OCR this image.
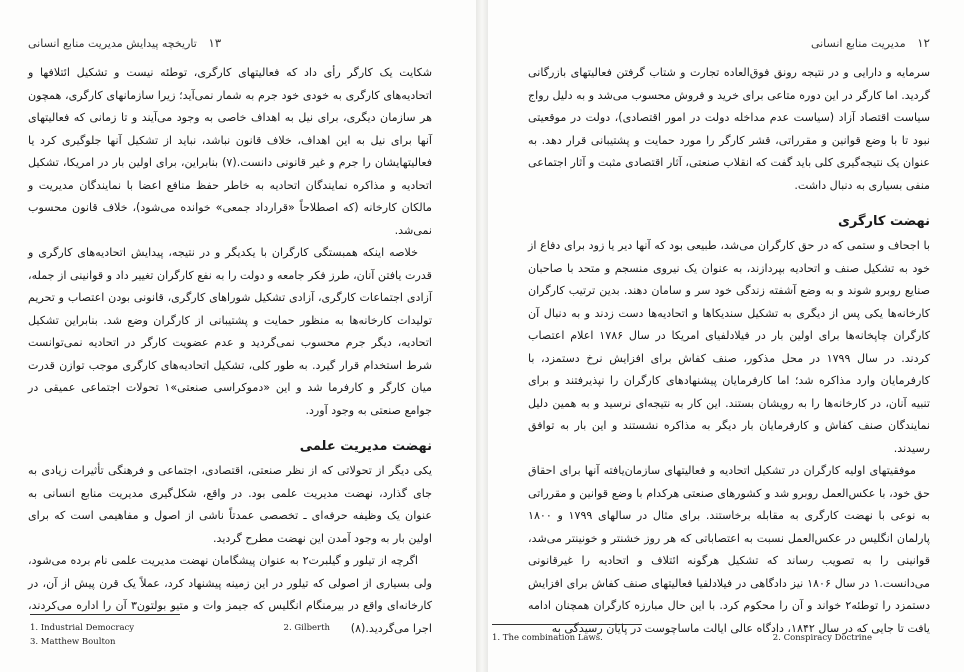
۱۳ تاریخچه پیدایش مدیریت منابع انسانی

شکایت یک کارگر رأی داد که فعالیتهای کارگری، توطئه نیست و تشکیل ائتلافها و اتحادیه‌های کارگری به خودی خود جرم به شمار نمی‌آید؛ زیرا سازمانهای کارگری، همچون هر سازمان دیگری، برای نیل به اهداف خاصی به وجود می‌آیند و تا زمانی که فعالیتهای آنها برای نیل به این اهداف، خلاف قانون نباشد، نباید از تشکیل آنها جلوگیری کرد یا فعالیتهایشان را جرم و غیر قانونی دانست.(۷) بنابراین، برای اولین بار در امریکا، تشکیل اتحادیه و مذاکره نمایندگان اتحادیه به خاطر حفظ منافع اعضا با نمایندگان مدیریت و مالکان کارخانه (که اصطلاحاً «قرارداد جمعی» خوانده می‌شود)، خلاف قانون محسوب نمی‌شد.

خلاصه اینکه همبستگی کارگران با یکدیگر و در نتیجه، پیدایش اتحادیه‌های کارگری و قدرت یافتن آنان، طرز فکر جامعه و دولت را به نفع کارگران تغییر داد و قوانینی از جمله، آزادی اجتماعات کارگری، آزادی تشکیل شوراهای کارگری، قانونی بودن اعتصاب و تحریم تولیدات کارخانه‌ها به منظور حمایت و پشتیبانی از کارگران وضع شد. بنابراین تشکیل اتحادیه، دیگر جرم محسوب نمی‌گردید و عدم عضویت کارگر در اتحادیه نمی‌توانست شرط استخدام قرار گیرد. به طور کلی، تشکیل اتحادیه‌های کارگری موجب توازن قدرت میان کارگر و کارفرما شد و این «دموکراسی صنعتی»۱ تحولات اجتماعی عمیقی در جوامع صنعتی به وجود آورد.

نهضت مدیریت علمی

یکی دیگر از تحولاتی که از نظر صنعتی، اقتصادی، اجتماعی و فرهنگی تأثیرات زیادی به جای گذارد، نهضت مدیریت علمی بود. در واقع، شکل‌گیری مدیریت منابع انسانی به عنوان یک وظیفه حرفه‌ای ـ تخصصی عمدتاً ناشی از اصول و مفاهیمی است که برای اولین بار به وجود آمدن این نهضت مطرح گردید.

اگرچه از تیلور و گیلبرت۲ به عنوان پیشگامان نهضت مدیریت علمی نام برده می‌شود، ولی بسیاری از اصولی که تیلور در این زمینه پیشنهاد کرد، عملاً یک قرن پیش از آن، در کارخانه‌ای واقع در بیرمنگام انگلیس که جیمز وات و متیو بولتون۳ آن را اداره می‌کردند، اجرا می‌گردید.(۸)

1. Industrial Democracy	2. Gilberth
3. Matthew Boulton
۱۲ مدیریت منابع انسانی

سرمایه و دارایی و در نتیجه رونق فوق‌العاده تجارت و شتاب گرفتن فعالیتهای بازرگانی گردید. اما کارگر در این دوره متاعی برای خرید و فروش محسوب می‌شد و به دلیل رواج سیاست اقتصاد آزاد (سیاست عدم مداخله دولت در امور اقتصادی)، دولت در موقعیتی نبود تا با وضع قوانین و مقرراتی، قشر کارگر را مورد حمایت و پشتیبانی قرار دهد. به عنوان یک نتیجه‌گیری کلی باید گفت که انقلاب صنعتی، آثار اقتصادی مثبت و آثار اجتماعی منفی بسیاری به دنبال داشت.

نهضت کارگری

با اجحاف و ستمی که در حق کارگران می‌شد، طبیعی بود که آنها دیر یا زود برای دفاع از خود به تشکیل صنف و اتحادیه بپردازند، به عنوان یک نیروی منسجم و متحد با صاحبان صنایع روبرو شوند و به وضع آشفته زندگی خود سر و سامان دهند. بدین ترتیب کارگران کارخانه‌ها یکی پس از دیگری به تشکیل سندیکاها و اتحادیه‌ها دست زدند و به دنبال آن کارگران چاپخانه‌ها برای اولین بار در فیلادلفیای امریکا در سال ۱۷۸۶ اعلام اعتصاب کردند. در سال ۱۷۹۹ در محل مذکور، صنف کفاش برای افزایش نرخ دستمزد، با کارفرمایان وارد مذاکره شد؛ اما کارفرمایان پیشنهادهای کارگران را نپذیرفتند و برای تنبیه آنان، در کارخانه‌ها را به رویشان بستند. این کار به نتیجه‌ای نرسید و به همین دلیل نمایندگان صنف کفاش و کارفرمایان بار دیگر به مذاکره نشستند و این بار به توافق رسیدند.

موفقیتهای اولیه کارگران در تشکیل اتحادیه و فعالیتهای سازمان‌یافته آنها برای احقاق حق خود، با عکس‌العمل روبرو شد و کشورهای صنعتی هرکدام با وضع قوانین و مقرراتی به نوعی با نهضت کارگری به مقابله برخاستند. برای مثال در سالهای ۱۷۹۹ و ۱۸۰۰ پارلمان انگلیس در عکس‌العمل نسبت به اعتصاباتی که هر روز خشنتر و خونینتر می‌شد، قوانینی را به تصویب رساند که تشکیل هرگونه ائتلاف و اتحادیه را غیرقانونی می‌دانست.۱ در سال ۱۸۰۶ نیز دادگاهی در فیلادلفیا فعالیتهای صنف کفاش برای افزایش دستمزد را توطئه۲ خواند و آن را محکوم کرد. با این حال مبارزه کارگران همچنان ادامه یافت تا جایی که در سال ۱۸۴۲، دادگاه عالی ایالت ماساچوست در پایان رسیدگی به

1. The combination Laws.	2. Conspiracy Doctrine
